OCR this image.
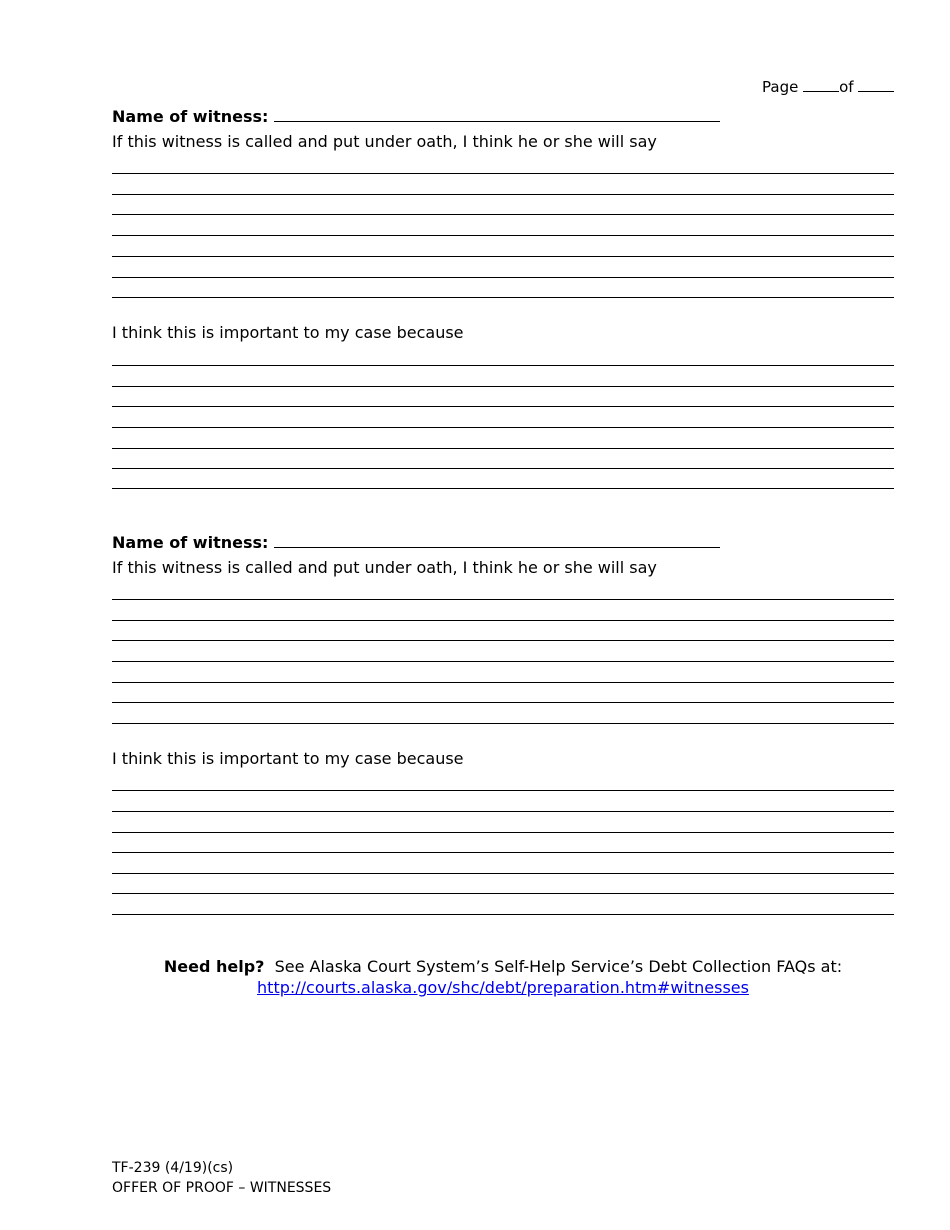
Page	of
Name of witness:
If this witness is called and put under oath, I think he or she will say
I think this is important to my case because
Name of witness:
If this witness is called and put under oath, I think he or she will say
I think this is important to my case because
Need help? See Alaska Court System’s Self-Help Service’s Debt Collection FAQs at:
http://courts.alaska.gov/shc/debt/preparation.htm#witnesses
TF-239 (4/19)(cs)
OFFER OF PROOF – WITNESSES
